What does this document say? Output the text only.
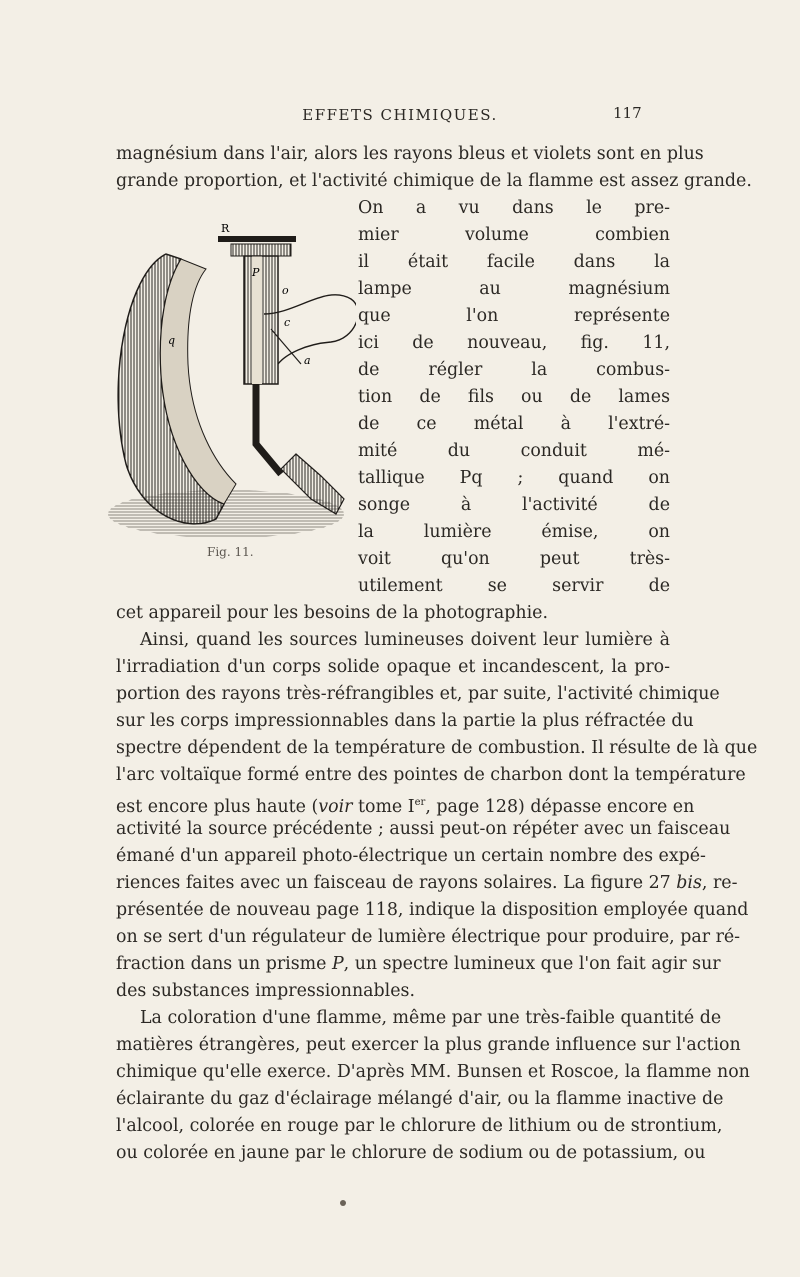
EFFETS CHIMIQUES.	117
magnésium dans l'air, alors les rayons bleus et violets sont en plus
grande proportion, et l'activité chimique de la flamme est assez grande.
On a vu dans le pre-
mier volume combien
il était facile dans la
lampe au magnésium
que l'on représente
ici de nouveau, fig. 11,
de régler la combus-
tion de fils ou de lames
de ce métal à l'extré-
mité du conduit mé-
tallique Pq ; quand on
songe à l'activité de
la lumière émise, on
voit qu'on peut très-
utilement se servir de
R
P
o
c
q
a
Fig. 11.
cet appareil pour les besoins de la photographie.
Ainsi, quand les sources lumineuses doivent leur lumière à
l'irradiation d'un corps solide opaque et incandescent, la pro-
portion des rayons très-réfrangibles et, par suite, l'activité chimique
sur les corps impressionnables dans la partie la plus réfractée du
spectre dépendent de la température de combustion. Il résulte de là que
l'arc voltaïque formé entre des pointes de charbon dont la température
est encore plus haute (voir tome Ier, page 128) dépasse encore en
activité la source précédente ; aussi peut-on répéter avec un faisceau
émané d'un appareil photo-électrique un certain nombre des expé-
riences faites avec un faisceau de rayons solaires. La figure 27 bis, re-
présentée de nouveau page 118, indique la disposition employée quand
on se sert d'un régulateur de lumière électrique pour produire, par ré-
fraction dans un prisme P, un spectre lumineux que l'on fait agir sur
des substances impressionnables.
La coloration d'une flamme, même par une très-faible quantité de
matières étrangères, peut exercer la plus grande influence sur l'action
chimique qu'elle exerce. D'après MM. Bunsen et Roscoe, la flamme non
éclairante du gaz d'éclairage mélangé d'air, ou la flamme inactive de
l'alcool, colorée en rouge par le chlorure de lithium ou de strontium,
ou colorée en jaune par le chlorure de sodium ou de potassium, ou
